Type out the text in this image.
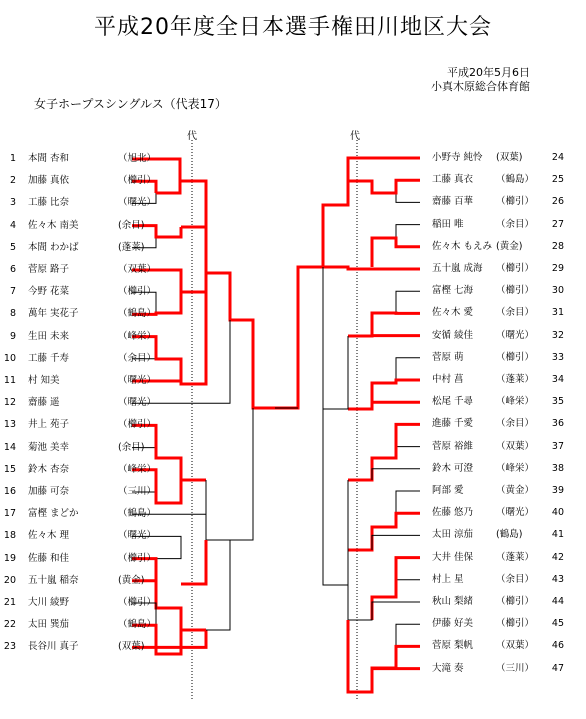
平成20年度全日本選手権田川地区大会
平成20年5月6日
小真木原総合体育館
女子ホープスシングルス（代表17）
代	代
1 本間 杏和	（旭北）
2 加藤 真依	（櫛引）
3 工藤 比奈	（曙光）
4 佐々木 南美	(余目)
5 本間 わかば	(蓬莱)
6 菅原 路子	（双葉）
7 今野 花菜	（櫛引）
8 萬年 実花子	（鶴島）
9 生田 未来	（峰栄）
10 工藤 千寿	（余目）
11 村 知美	（曙光）
12 齋藤 遥	（曙光）
13 井上 苑子	（櫛引）
14 菊池 美幸	(余目)
15 鈴木 杏奈	（峰栄）
16 加藤 可奈	（三川）
17 富樫 まどか	（鶴島）
18 佐々木 理	（曙光）
19 佐藤 和佳	（櫛引）
20 五十嵐 稲奈	(黄金)
21 大川 綾野	（櫛引）
22 太田 巽茄	（鶴島）
23 長谷川 真子	(双葉)
小野寺 純怜 (双葉)	24
工藤 真衣 （鶴島） 25
齋藤 百華 （櫛引） 26
稲田 唯	（余目） 27
佐々木 もえみ (黄金)	28
五十嵐 成海 （櫛引） 29
富樫 七海 （櫛引） 30
佐々木 愛 （余目） 31
安循 綾佳 （曙光） 32
菅原 萌	（櫛引） 33
中村 菖	（蓬莱） 34
松尾 千尋 （峰栄） 35
進藤 千愛 （余目） 36
菅原 裕維 （双葉） 37
鈴木 可澄 （峰栄） 38
阿部 愛	（黄金） 39
佐藤 悠乃 （曙光） 40
太田 涼茄 (鶴島)	41
大井 佳保 （蓬莱） 42
村上 星	（余目） 43
秋山 梨緒 （櫛引） 44
伊藤 好美 （櫛引） 45
菅原 梨帆 （双葉） 46
大滝 奏	（三川） 47
